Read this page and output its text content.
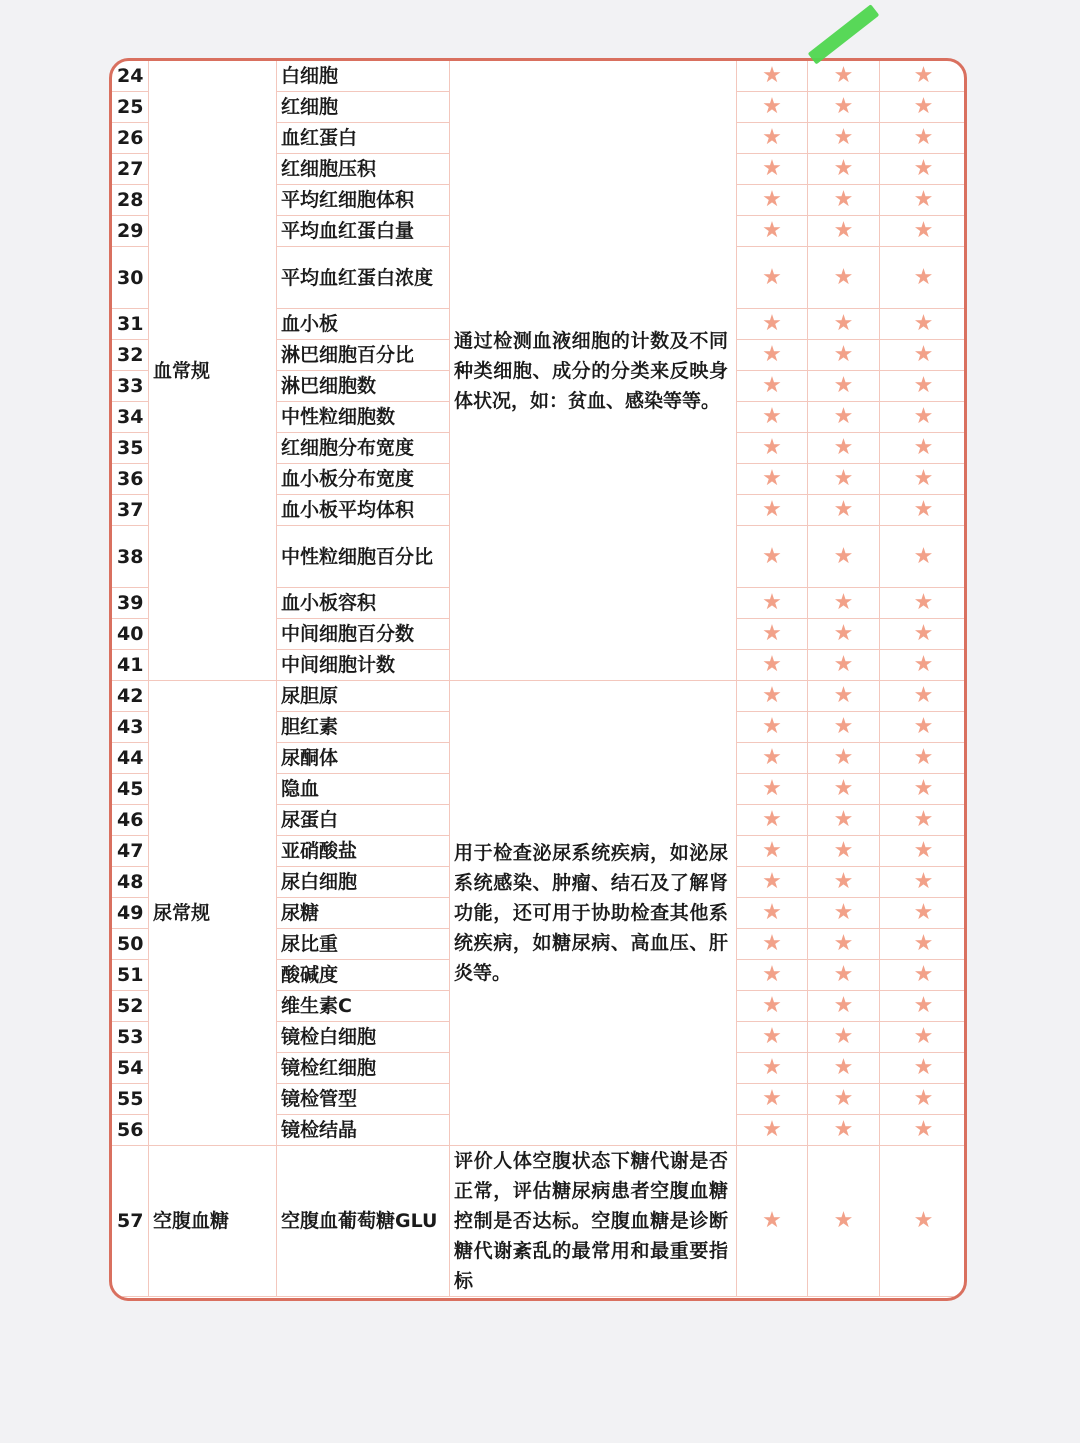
24	血常规	白细胞	通过检测血液细胞的计数及不同种类细胞、成分的分类来反映身体状况，如：贫血、感染等等。	★	★	★
25		红细胞		★	★	★
26		血红蛋白		★	★	★
27		红细胞压积		★	★	★
28		平均红细胞体积		★	★	★
29		平均血红蛋白量		★	★	★
30		平均血红蛋白浓度		★	★	★
31		血小板		★	★	★
32		淋巴细胞百分比		★	★	★
33		淋巴细胞数		★	★	★
34		中性粒细胞数		★	★	★
35		红细胞分布宽度		★	★	★
36		血小板分布宽度		★	★	★
37		血小板平均体积		★	★	★
38		中性粒细胞百分比		★	★	★
39		血小板容积		★	★	★
40		中间细胞百分数		★	★	★
41		中间细胞计数		★	★	★
42	尿常规	尿胆原	用于检查泌尿系统疾病，如泌尿系统感染、肿瘤、结石及了解肾功能，还可用于协助检查其他系统疾病，如糖尿病、高血压、肝炎等。	★	★	★
43		胆红素		★	★	★
44		尿酮体		★	★	★
45		隐血		★	★	★
46		尿蛋白		★	★	★
47		亚硝酸盐		★	★	★
48		尿白细胞		★	★	★
49		尿糖		★	★	★
50		尿比重		★	★	★
51		酸碱度		★	★	★
52		维生素C		★	★	★
53		镜检白细胞		★	★	★
54		镜检红细胞		★	★	★
55		镜检管型		★	★	★
56		镜检结晶		★	★	★
57	空腹血糖	空腹血葡萄糖GLU	评价人体空腹状态下糖代谢是否正常，评估糖尿病患者空腹血糖控制是否达标。空腹血糖是诊断糖代谢紊乱的最常用和最重要指标	★	★	★
